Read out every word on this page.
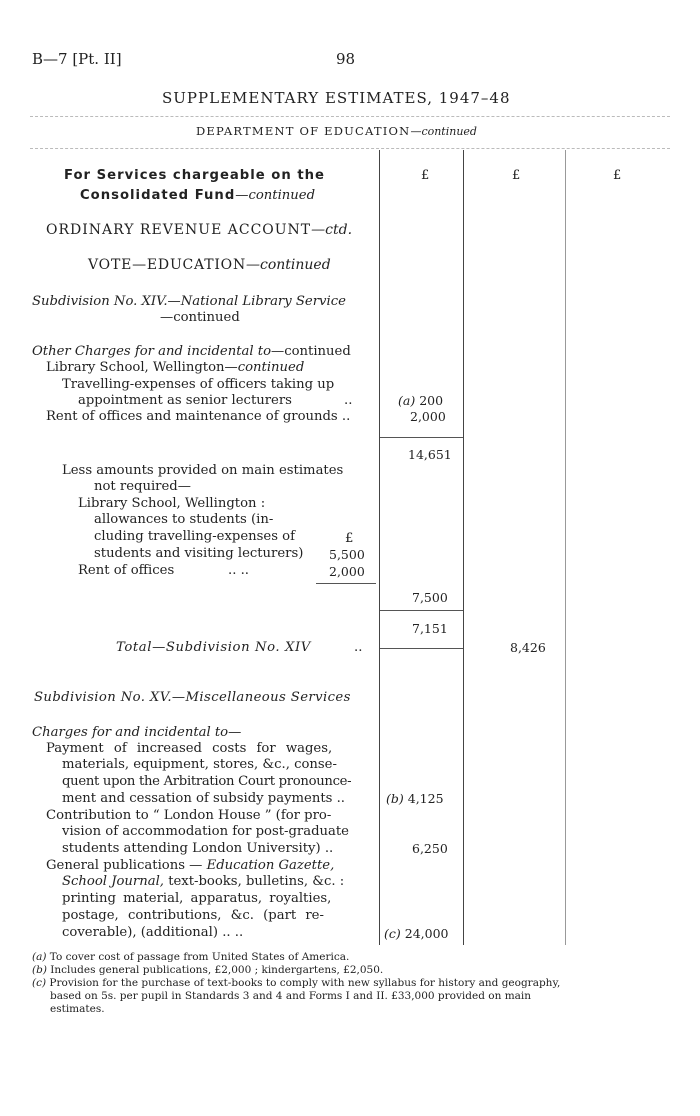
B—7 [Pt. II]	98
SUPPLEMENTARY ESTIMATES, 1947–48
DEPARTMENT OF EDUCATION—continued
£	£	£
For Services chargeable on the
Consolidated Fund—continued
ORDINARY REVENUE ACCOUNT—ctd.
VOTE—EDUCATION—continued
Subdivision No. XIV.—National Library Service
—continued
Other Charges for and incidental to—continued
Library School, Wellington—continued
Travelling-expenses of officers taking up
appointment as senior lecturers	..	(a) 200
Rent of offices and maintenance of grounds ..	2,000
14,651
Less amounts provided on main estimates
not required—
Library School, Wellington :
allowances to students (in-
cluding travelling-expenses of	£
students and visiting lecturers) 5,500
Rent of offices	.. ..	2,000
7,500
7,151
Total—Subdivision No. XIV	..	8,426
Subdivision No. XV.—Miscellaneous Services
Charges for and incidental to—
Payment of increased costs for wages,
materials, equipment, stores, &c., conse-
quent upon the Arbitration Court pronounce-
ment and cessation of subsidy payments ..	(b) 4,125
Contribution to “ London House ” (for pro-
vision of accommodation for post-graduate
students attending London University) ..	6,250
General publications — Education Gazette,
School Journal, text-books, bulletins, &c. :
printing material, apparatus, royalties,
postage, contributions, &c. (part re-
coverable), (additional) .. ..	(c) 24,000
(a) To cover cost of passage from United States of America.
(b) Includes general publications, £2,000 ; kindergartens, £2,050.
(c) Provision for the purchase of text-books to comply with new syllabus for history and geography,
based on 5s. per pupil in Standards 3 and 4 and Forms I and II. £33,000 provided on main
estimates.
